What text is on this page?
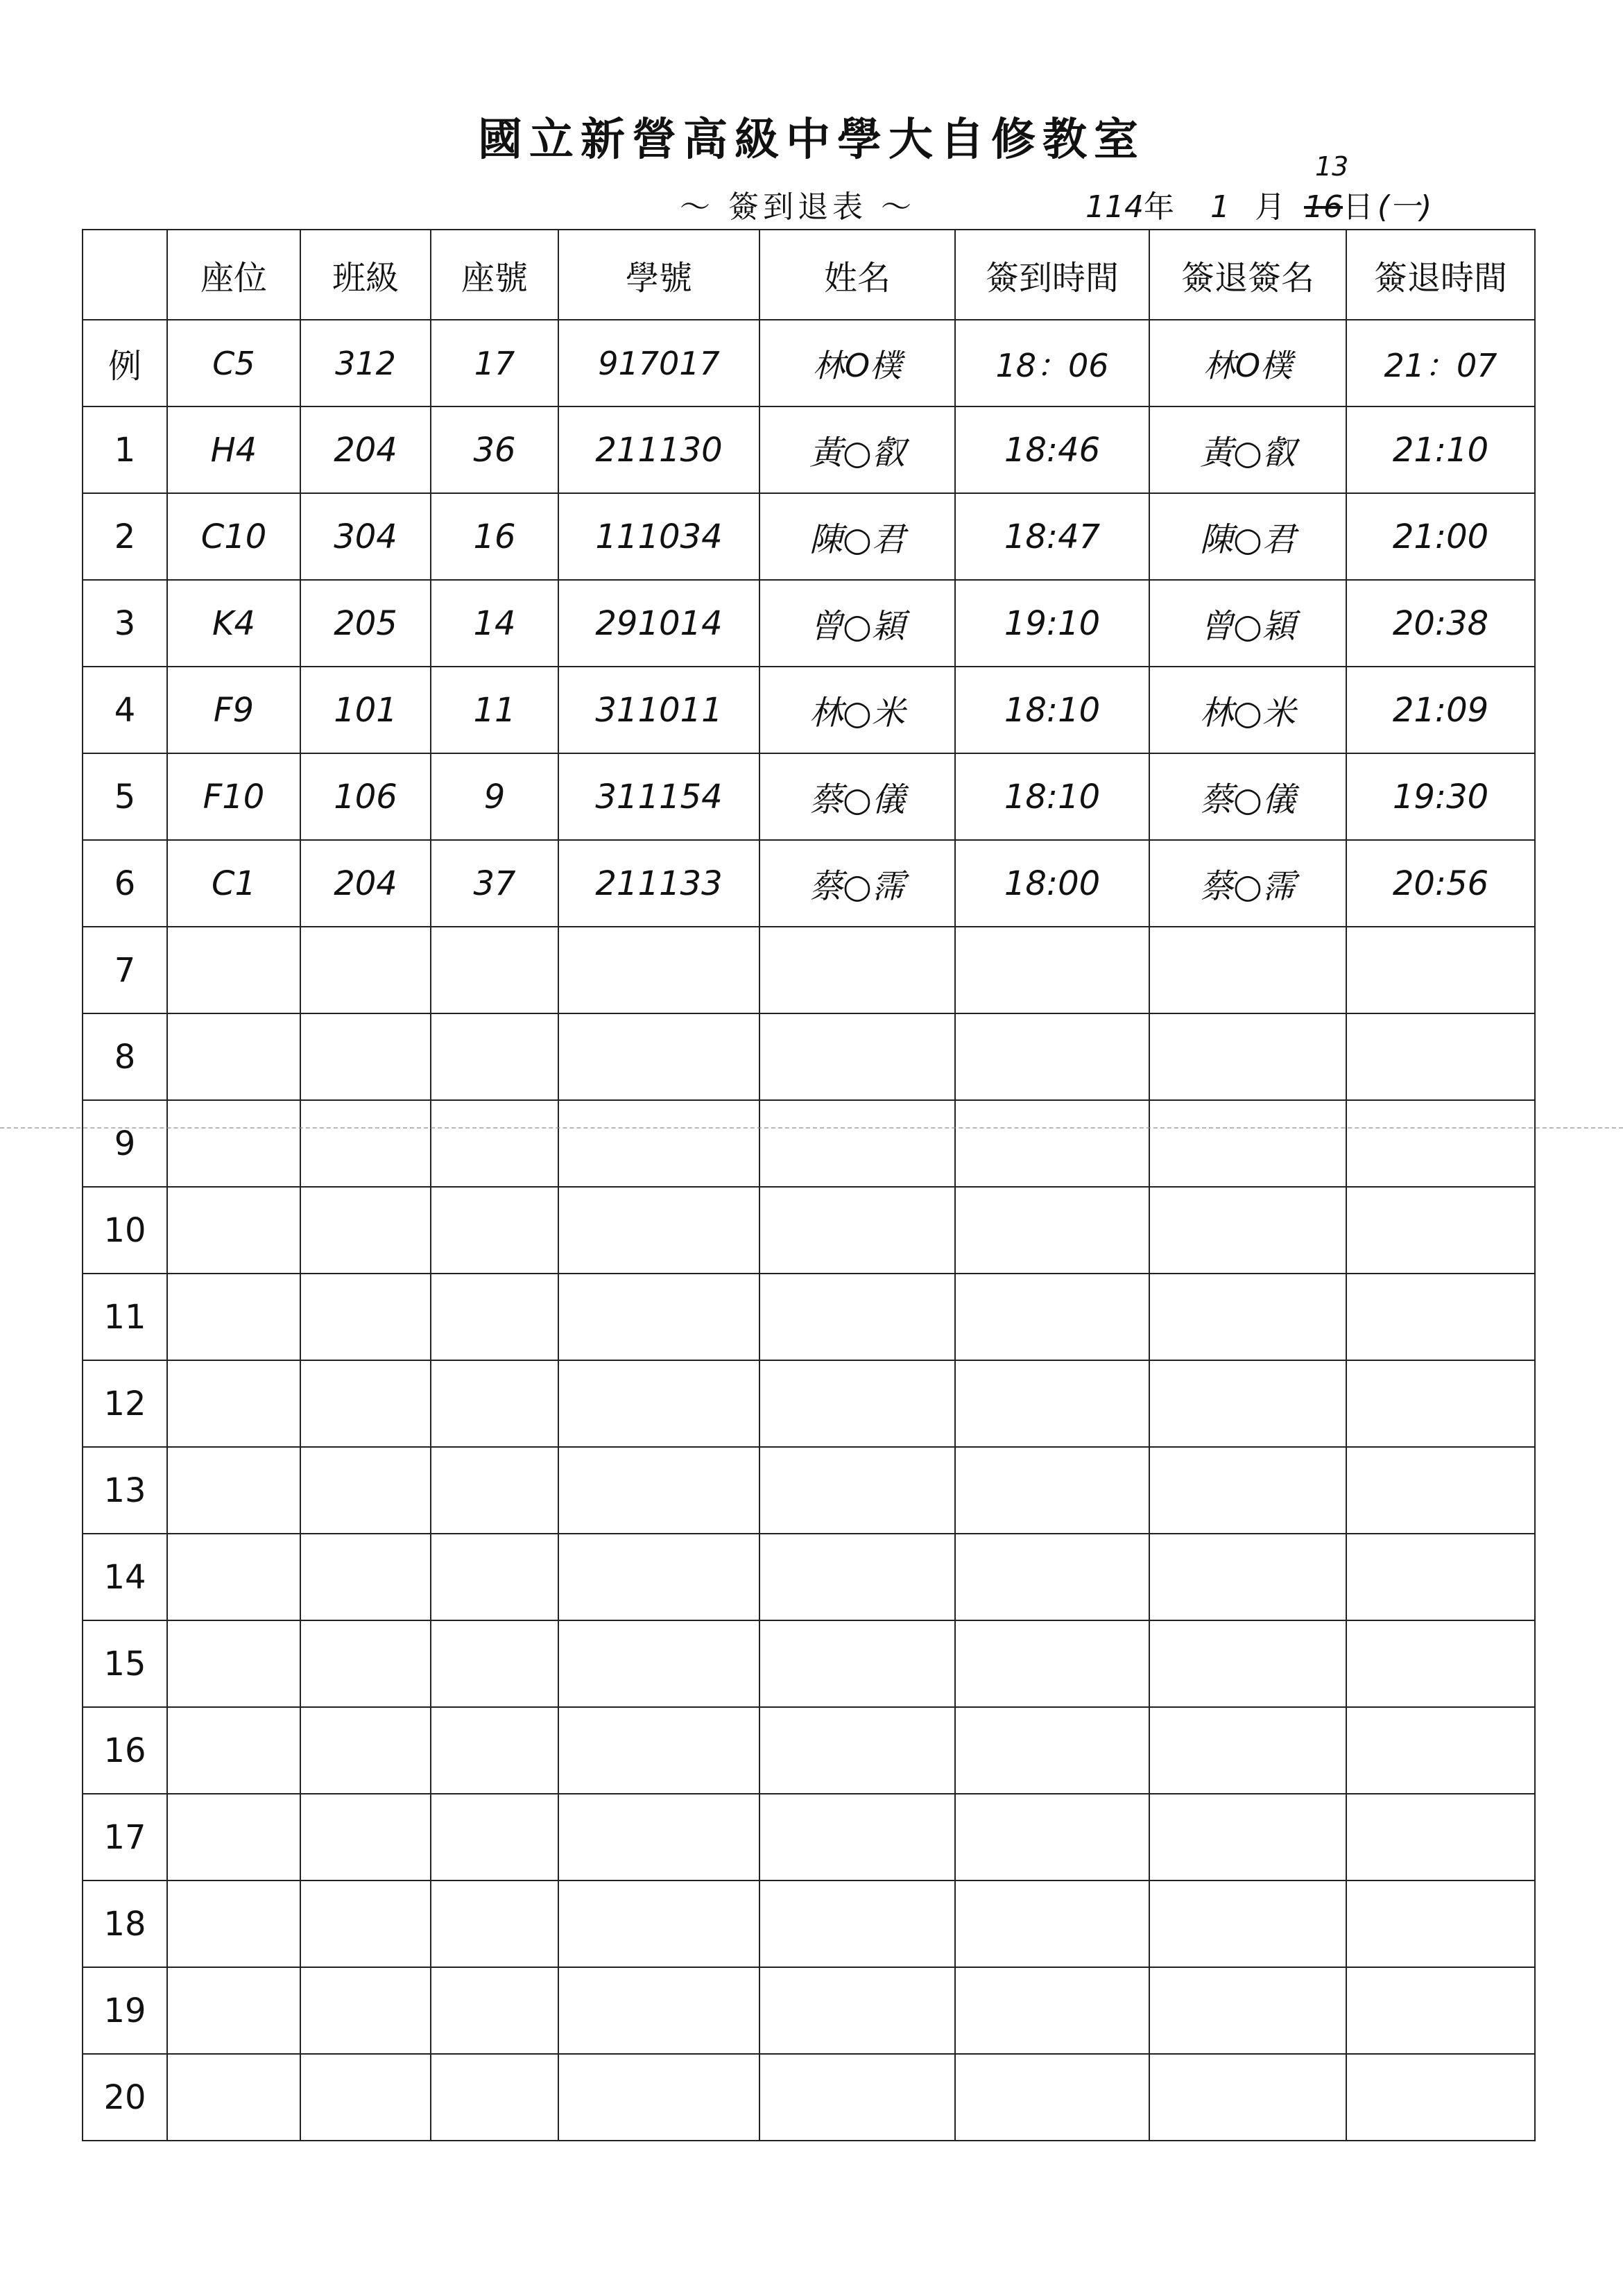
國立新營高級中學大自修教室
～ 簽到退表 ～
13
114年 1 月 16日 (一)
	座位	班級	座號	學號	姓名	簽到時間	簽退簽名	簽退時間
例	C5	312	17	917017	林O樸	18：06	林O樸	21：07
1	H4	204	36	211130	黃○叡	18:46	黃○叡	21:10
2	C10	304	16	111034	陳○君	18:47	陳○君	21:00
3	K4	205	14	291014	曾○穎	19:10	曾○穎	20:38
4	F9	101	11	311011	林○米	18:10	林○米	21:09
5	F10	106	9	311154	蔡○儀	18:10	蔡○儀	19:30
6	C1	204	37	211133	蔡○霈	18:00	蔡○霈	20:56
7								
8								
9								
10								
11								
12								
13								
14								
15								
16								
17								
18								
19								
20								
